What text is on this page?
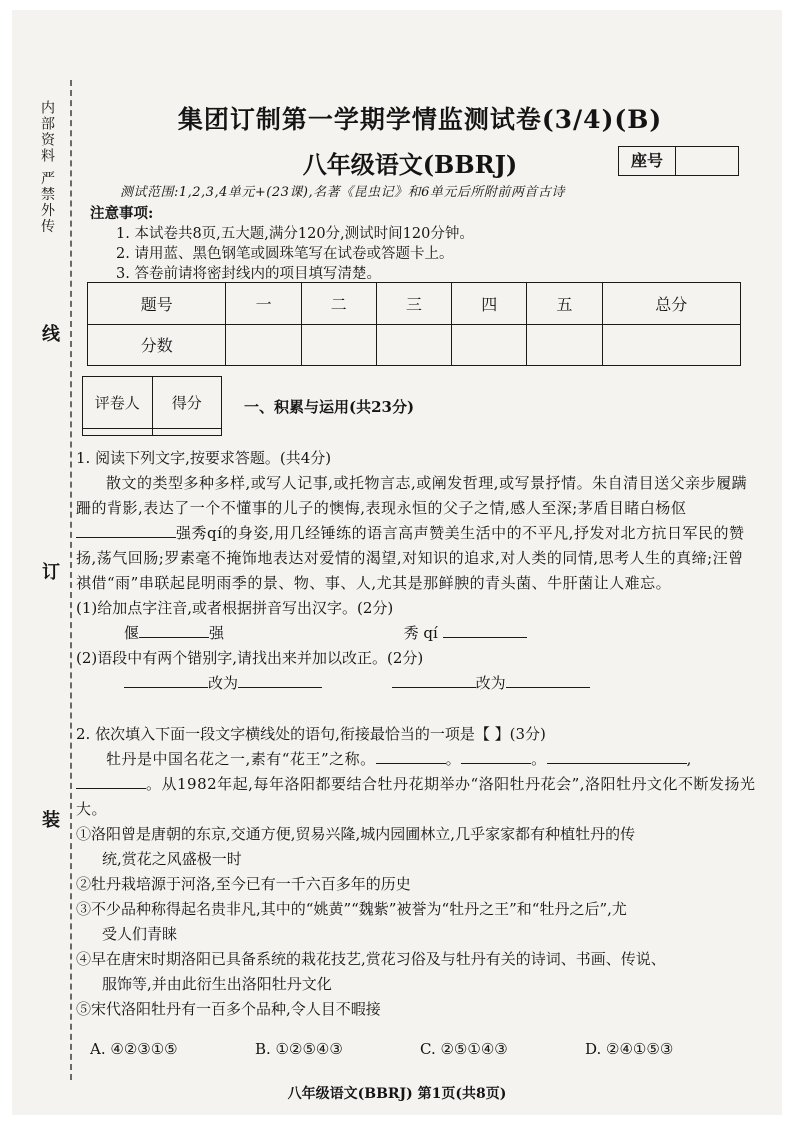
内部资料 严禁外传
线
订
装
集团订制第一学期学情监测试卷(3/4)(B)
八年级语文(BBRJ)	座号
测试范围:1,2,3,4单元+(23课),名著《昆虫记》和6单元后所附前两首古诗
注意事项:
1. 本试卷共8页,五大题,满分120分,测试时间120分钟。
2. 请用蓝、黑色钢笔或圆珠笔写在试卷或答题卡上。
3. 答卷前请将密封线内的项目填写清楚。
题号	一	二	三	四	五	总分
分数						
评卷人	得分
		一、积累与运用(共23分)
1. 阅读下列文字,按要求答题。(共4分)
散文的类型多种多样,或写人记事,或托物言志,或阐发哲理,或写景抒情。朱自清目送父亲步履蹒跚的背影,表达了一个不懂事的儿子的懊悔,表现永恒的父子之情,感人至深;茅盾目睹白杨伛强秀qí的身姿,用几经锤练的语言高声赞美生活中的不平凡,抒发对北方抗日军民的赞扬,荡气回肠;罗素毫不掩饰地表达对爱情的渴望,对知识的追求,对人类的同情,思考人生的真缔;汪曾祺借“雨”串联起昆明雨季的景、物、事、人,尤其是那鲜腴的青头菌、牛肝菌让人难忘。
(1)给加点字注音,或者根据拼音写出汉字。(2分)
偃	强	秀 qí
(2)语段中有两个错别字,请找出来并加以改正。(2分)
改为	改为
2. 依次填入下面一段文字横线处的语句,衔接最恰当的一项是【 】(3分)
牡丹是中国名花之一,素有“花王”之称。	。	。	,。从1982年起,每年洛阳都要结合牡丹花期举办“洛阳牡丹花会”,洛阳牡丹文化不断发扬光大。
①洛阳曾是唐朝的东京,交通方便,贸易兴隆,城内园圃林立,几乎家家都有种植牡丹的传
统,赏花之风盛极一时
②牡丹栽培源于河洛,至今已有一千六百多年的历史
③不少品种称得起名贵非凡,其中的“姚黄”“魏紫”被誉为“牡丹之王”和“牡丹之后”,尤
受人们青睐
④早在唐宋时期洛阳已具备系统的栽花技艺,赏花习俗及与牡丹有关的诗词、书画、传说、
服饰等,并由此衍生出洛阳牡丹文化
⑤宋代洛阳牡丹有一百多个品种,令人目不暇接
A. ④②③①⑤	B. ①②⑤④③	C. ②⑤①④③	D. ②④①⑤③
八年级语文(BBRJ) 第1页(共8页)
